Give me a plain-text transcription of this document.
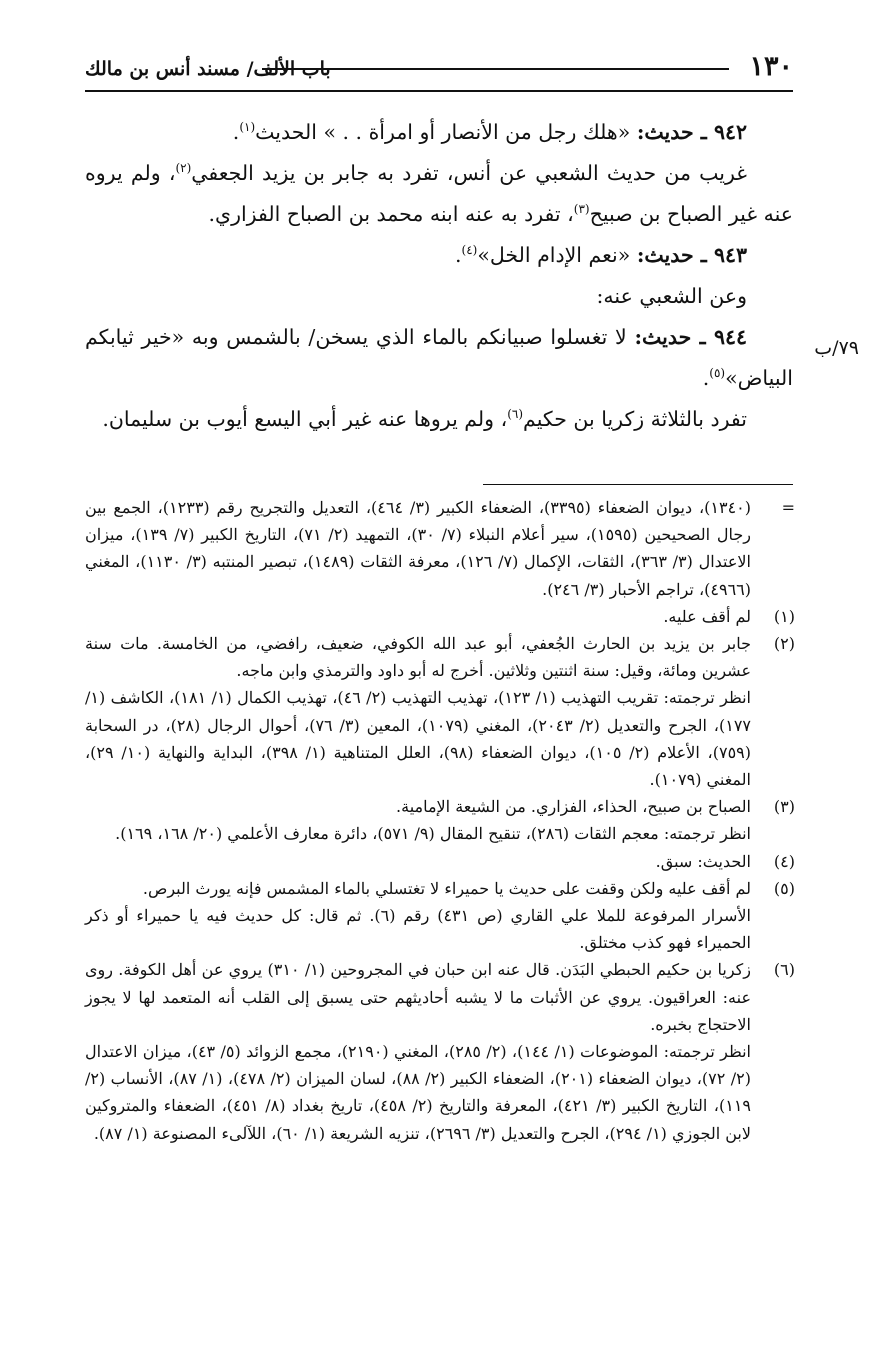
١٣٠
باب الألف/ مسند أنس بن مالك
٧٩/ب

٩٤٢ ـ حديث: «هلك رجل من الأنصار أو امرأة . . » الحديث$^{(١)}$.

غريب من حديث الشعبي عن أنس، تفرد به جابر بن يزيد الجعفي$^{(٢)}$، ولم يروه عنه غير الصباح بن صبيح$^{(٣)}$، تفرد به عنه ابنه محمد بن الصباح الفزاري.

٩٤٣ ـ حديث: «نعم الإدام الخل»$^{(٤)}$.

وعن الشعبي عنه:

٩٤٤ ـ حديث: لا تغسلوا صبيانكم بالماء الذي يسخن/ بالشمس وبه «خير ثيابكم البياض»$^{(٥)}$.

تفرد بالثلاثة زكريا بن حكيم$^{(٦)}$، ولم يروها عنه غير أبي اليسع أيوب بن سليمان.

=

(١٣٤٠)، ديوان الضعفاء (٣٣٩٥)، الضعفاء الكبير (٣/ ٤٦٤)، التعديل والتجريح رقم (١٢٣٣)، الجمع بين رجال الصحيحين (١٥٩٥)، سير أعلام النبلاء (٧/ ٣٠)، التمهيد (٢/ ٧١)، التاريخ الكبير (٧/ ١٣٩)، ميزان الاعتدال (٣/ ٣٦٣)، الثقات، الإكمال (٧/ ١٢٦)، معرفة الثقات (١٤٨٩)، تبصير المنتبه (٣/ ١١٣٠)، المغني (٤٩٦٦)، تراجم الأحبار (٣/ ٢٤٦).

(١)

لم أقف عليه.

(٢)

جابر بن يزيد بن الحارث الجُعفي، أبو عبد الله الكوفي، ضعيف، رافضي، من الخامسة. مات سنة عشرين ومائة، وقيل: سنة اثنتين وثلاثين. أخرج له أبو داود والترمذي وابن ماجه.

انظر ترجمته: تقريب التهذيب (١/ ١٢٣)، تهذيب التهذيب (٢/ ٤٦)، تهذيب الكمال (١/ ١٨١)، الكاشف (١/ ١٧٧)، الجرح والتعديل (٢/ ٢٠٤٣)، المغني (١٠٧٩)، المعين (٣/ ٧٦)، أحوال الرجال (٢٨)، در السحابة (٧٥٩)، الأعلام (٢/ ١٠٥)، ديوان الضعفاء (٩٨)، العلل المتناهية (١/ ٣٩٨)، البداية والنهاية (١٠/ ٢٩)، المغني (١٠٧٩).

(٣)

الصباح بن صبيح، الحذاء، الفزاري. من الشيعة الإمامية.

انظر ترجمته: معجم الثقات (٢٨٦)، تنقيح المقال (٩/ ٥٧١)، دائرة معارف الأعلمي (٢٠/ ١٦٨، ١٦٩).

(٤)

الحديث: سبق.

(٥)

لم أقف عليه ولكن وقفت على حديث يا حميراء لا تغتسلي بالماء المشمس فإنه يورث البرص.

الأسرار المرفوعة للملا علي القاري (ص ٤٣١) رقم (٦). ثم قال: كل حديث فيه يا حميراء أو ذكر الحميراء فهو كذب مختلق.

(٦)

زكريا بن حكيم الحبطي البَدَن. قال عنه ابن حبان في المجروحين (١/ ٣١٠) يروي عن أهل الكوفة. روى عنه: العراقيون. يروي عن الأثبات ما لا يشبه أحاديثهم حتى يسبق إلى القلب أنه المتعمد لها لا يجوز الاحتجاج بخبره.

انظر ترجمته: الموضوعات (١/ ١٤٤)، (٢/ ٢٨٥)، المغني (٢١٩٠)، مجمع الزوائد (٥/ ٤٣)، ميزان الاعتدال (٢/ ٧٢)، ديوان الضعفاء (٢٠١)، الضعفاء الكبير (٢/ ٨٨)، لسان الميزان (٢/ ٤٧٨)، (١/ ٨٧)، الأنساب (٢/ ١١٩)، التاريخ الكبير (٣/ ٤٢١)، المعرفة والتاريخ (٢/ ٤٥٨)، تاريخ بغداد (٨/ ٤٥١)، الضعفاء والمتروكين لابن الجوزي (١/ ٢٩٤)، الجرح والتعديل (٣/ ٢٦٩٦)، تنزيه الشريعة (١/ ٦٠)، اللآلىء المصنوعة (١/ ٨٧).
